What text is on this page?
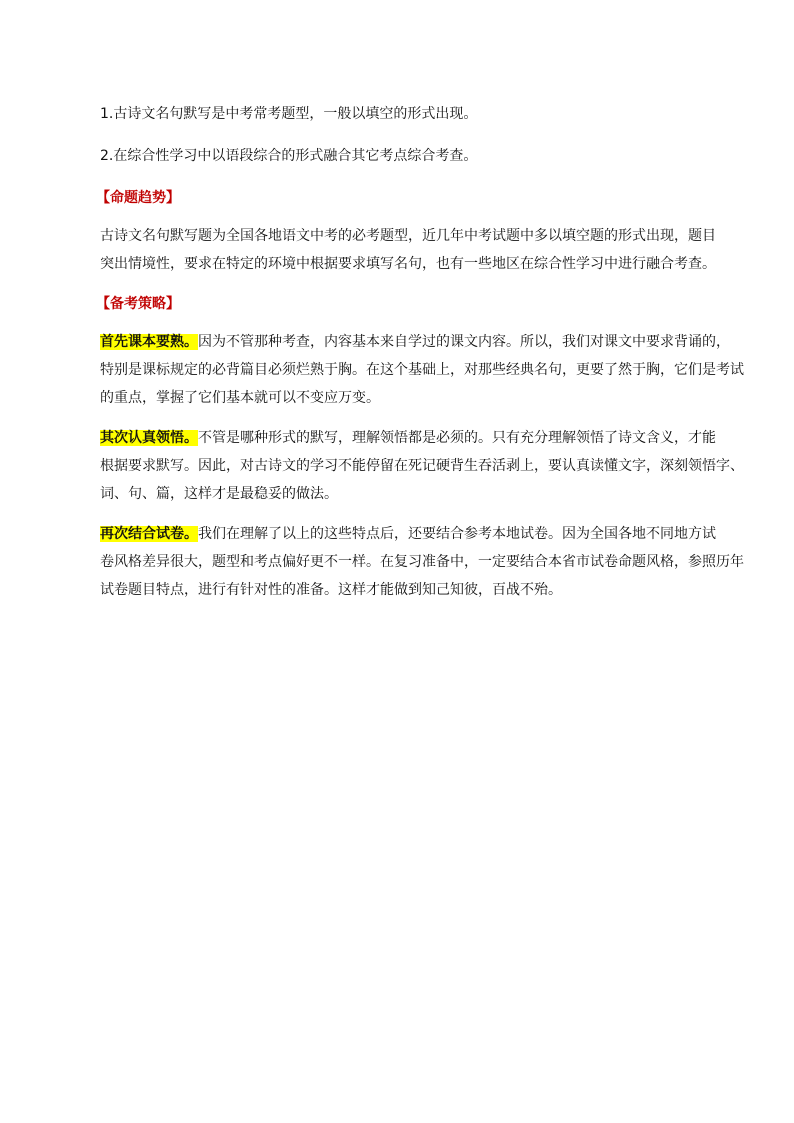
1.古诗文名句默写是中考常考题型，一般以填空的形式出现。
2.在综合性学习中以语段综合的形式融合其它考点综合考查。
【命题趋势】
古诗文名句默写题为全国各地语文中考的必考题型，近几年中考试题中多以填空题的形式出现，题目
突出情境性，要求在特定的环境中根据要求填写名句，也有一些地区在综合性学习中进行融合考查。
【备考策略】
首先课本要熟。因为不管那种考查，内容基本来自学过的课文内容。所以，我们对课文中要求背诵的，
特别是课标规定的必背篇目必须烂熟于胸。在这个基础上，对那些经典名句，更要了然于胸，它们是考试
的重点，掌握了它们基本就可以不变应万变。
其次认真领悟。不管是哪种形式的默写，理解领悟都是必须的。只有充分理解领悟了诗文含义，才能
根据要求默写。因此，对古诗文的学习不能停留在死记硬背生吞活剥上，要认真读懂文字，深刻领悟字、
词、句、篇，这样才是最稳妥的做法。
再次结合试卷。我们在理解了以上的这些特点后，还要结合参考本地试卷。因为全国各地不同地方试
卷风格差异很大，题型和考点偏好更不一样。在复习准备中，一定要结合本省市试卷命题风格，参照历年
试卷题目特点，进行有针对性的准备。这样才能做到知己知彼，百战不殆。
